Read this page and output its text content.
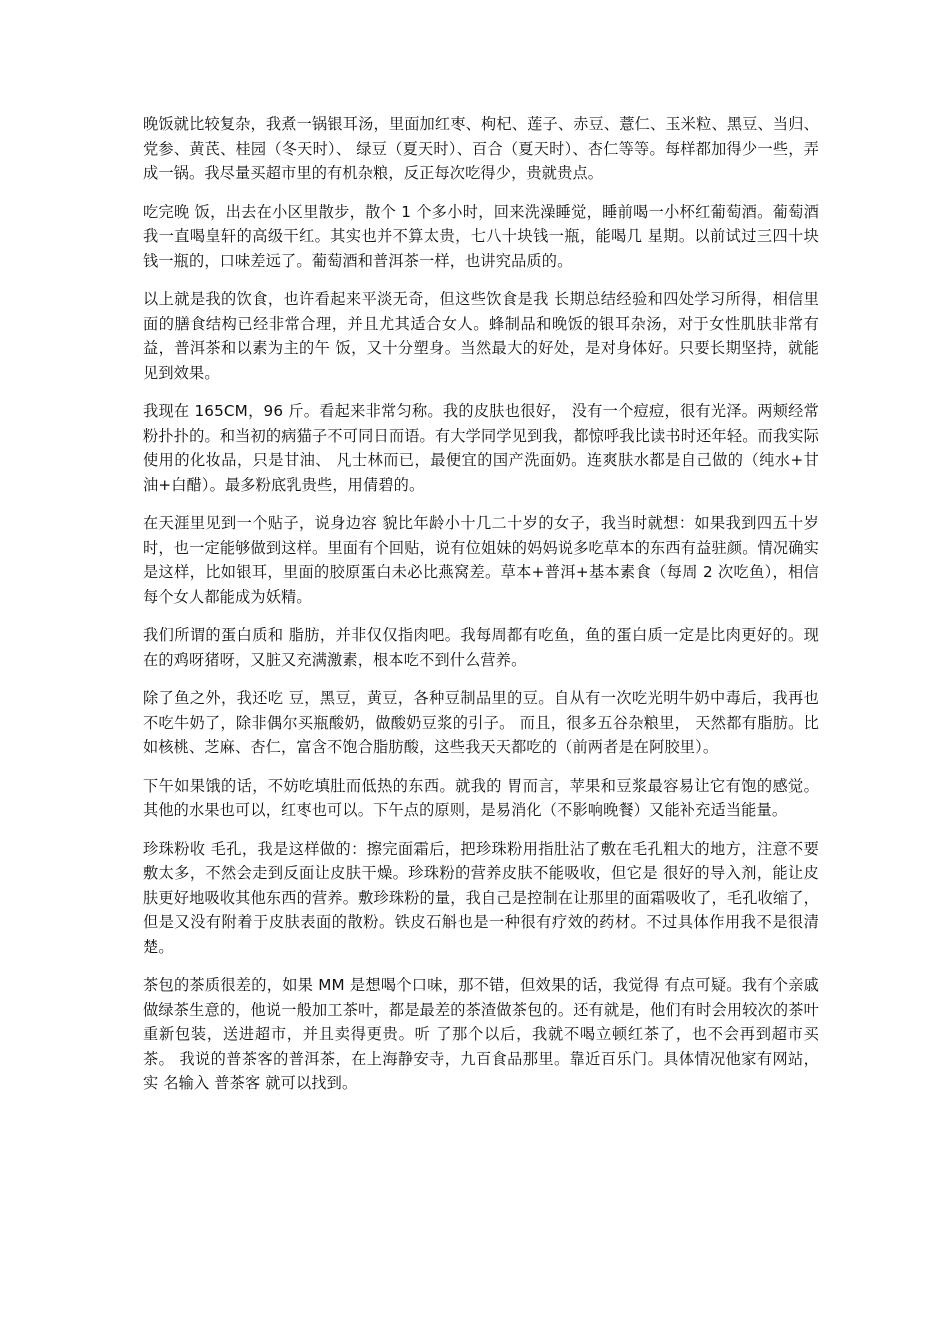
晚饭就比较复杂，我煮一锅银耳汤，里面加红枣、枸杞、莲子、赤豆、薏仁、玉米粒、黑豆、当归、党参、黄芪、桂园（冬天时）、 绿豆（夏天时）、百合（夏天时）、杏仁等等。每样都加得少一些，弄成一锅。我尽量买超市里的有机杂粮，反正每次吃得少，贵就贵点。

吃完晚 饭，出去在小区里散步，散个 1 个多小时，回来洗澡睡觉，睡前喝一小杯红葡萄酒。葡萄酒我一直喝皇轩的高级干红。其实也并不算太贵，七八十块钱一瓶，能喝几 星期。以前试过三四十块钱一瓶的，口味差远了。葡萄酒和普洱茶一样，也讲究品质的。

以上就是我的饮食，也许看起来平淡无奇，但这些饮食是我 长期总结经验和四处学习所得，相信里面的膳食结构已经非常合理，并且尤其适合女人。蜂制品和晚饭的银耳杂汤，对于女性肌肤非常有益，普洱茶和以素为主的午 饭，又十分塑身。当然最大的好处，是对身体好。只要长期坚持，就能见到效果。

我现在 165CM，96 斤。看起来非常匀称。我的皮肤也很好， 没有一个痘痘，很有光泽。两颊经常粉扑扑的。和当初的病猫子不可同日而语。有大学同学见到我，都惊呼我比读书时还年轻。而我实际使用的化妆品，只是甘油、 凡士林而已，最便宜的国产洗面奶。连爽肤水都是自己做的（纯水+甘油+白醋）。最多粉底乳贵些，用倩碧的。

在天涯里见到一个贴子，说身边容 貌比年龄小十几二十岁的女子，我当时就想：如果我到四五十岁时，也一定能够做到这样。里面有个回贴，说有位姐妹的妈妈说多吃草本的东西有益驻颜。情况确实 是这样，比如银耳，里面的胶原蛋白未必比燕窝差。草本+普洱+基本素食（每周 2 次吃鱼），相信每个女人都能成为妖精。

我们所谓的蛋白质和 脂肪，并非仅仅指肉吧。我每周都有吃鱼，鱼的蛋白质一定是比肉更好的。现在的鸡呀猪呀，又脏又充满激素，根本吃不到什么营养。

除了鱼之外，我还吃 豆，黑豆，黄豆，各种豆制品里的豆。自从有一次吃光明牛奶中毒后，我再也不吃牛奶了，除非偶尔买瓶酸奶，做酸奶豆浆的引子。 而且，很多五谷杂粮里， 天然都有脂肪。比如核桃、芝麻、杏仁，富含不饱合脂肪酸，这些我天天都吃的（前两者是在阿胶里）。

下午如果饿的话，不妨吃填肚而低热的东西。就我的 胃而言，苹果和豆浆最容易让它有饱的感觉。其他的水果也可以，红枣也可以。下午点的原则，是易消化（不影响晚餐）又能补充适当能量。

珍珠粉收 毛孔，我是这样做的：擦完面霜后，把珍珠粉用指肚沾了敷在毛孔粗大的地方，注意不要敷太多，不然会走到反面让皮肤干燥。珍珠粉的营养皮肤不能吸收，但它是 很好的导入剂，能让皮肤更好地吸收其他东西的营养。敷珍珠粉的量，我自己是控制在让那里的面霜吸收了，毛孔收缩了，但是又没有附着于皮肤表面的散粉。铁皮石斛也是一种很有疗效的药材。不过具体作用我不是很清楚。

茶包的茶质很差的，如果 MM 是想喝个口味，那不错，但效果的话，我觉得 有点可疑。我有个亲戚做绿茶生意的，他说一般加工茶叶，都是最差的茶渣做茶包的。还有就是，他们有时会用较次的茶叶重新包装，送进超市，并且卖得更贵。听 了那个以后，我就不喝立顿红茶了，也不会再到超市买茶。 我说的普茶客的普洱茶，在上海静安寺，九百食品那里。靠近百乐门。具体情况他家有网站，实 名输入 普茶客 就可以找到。
